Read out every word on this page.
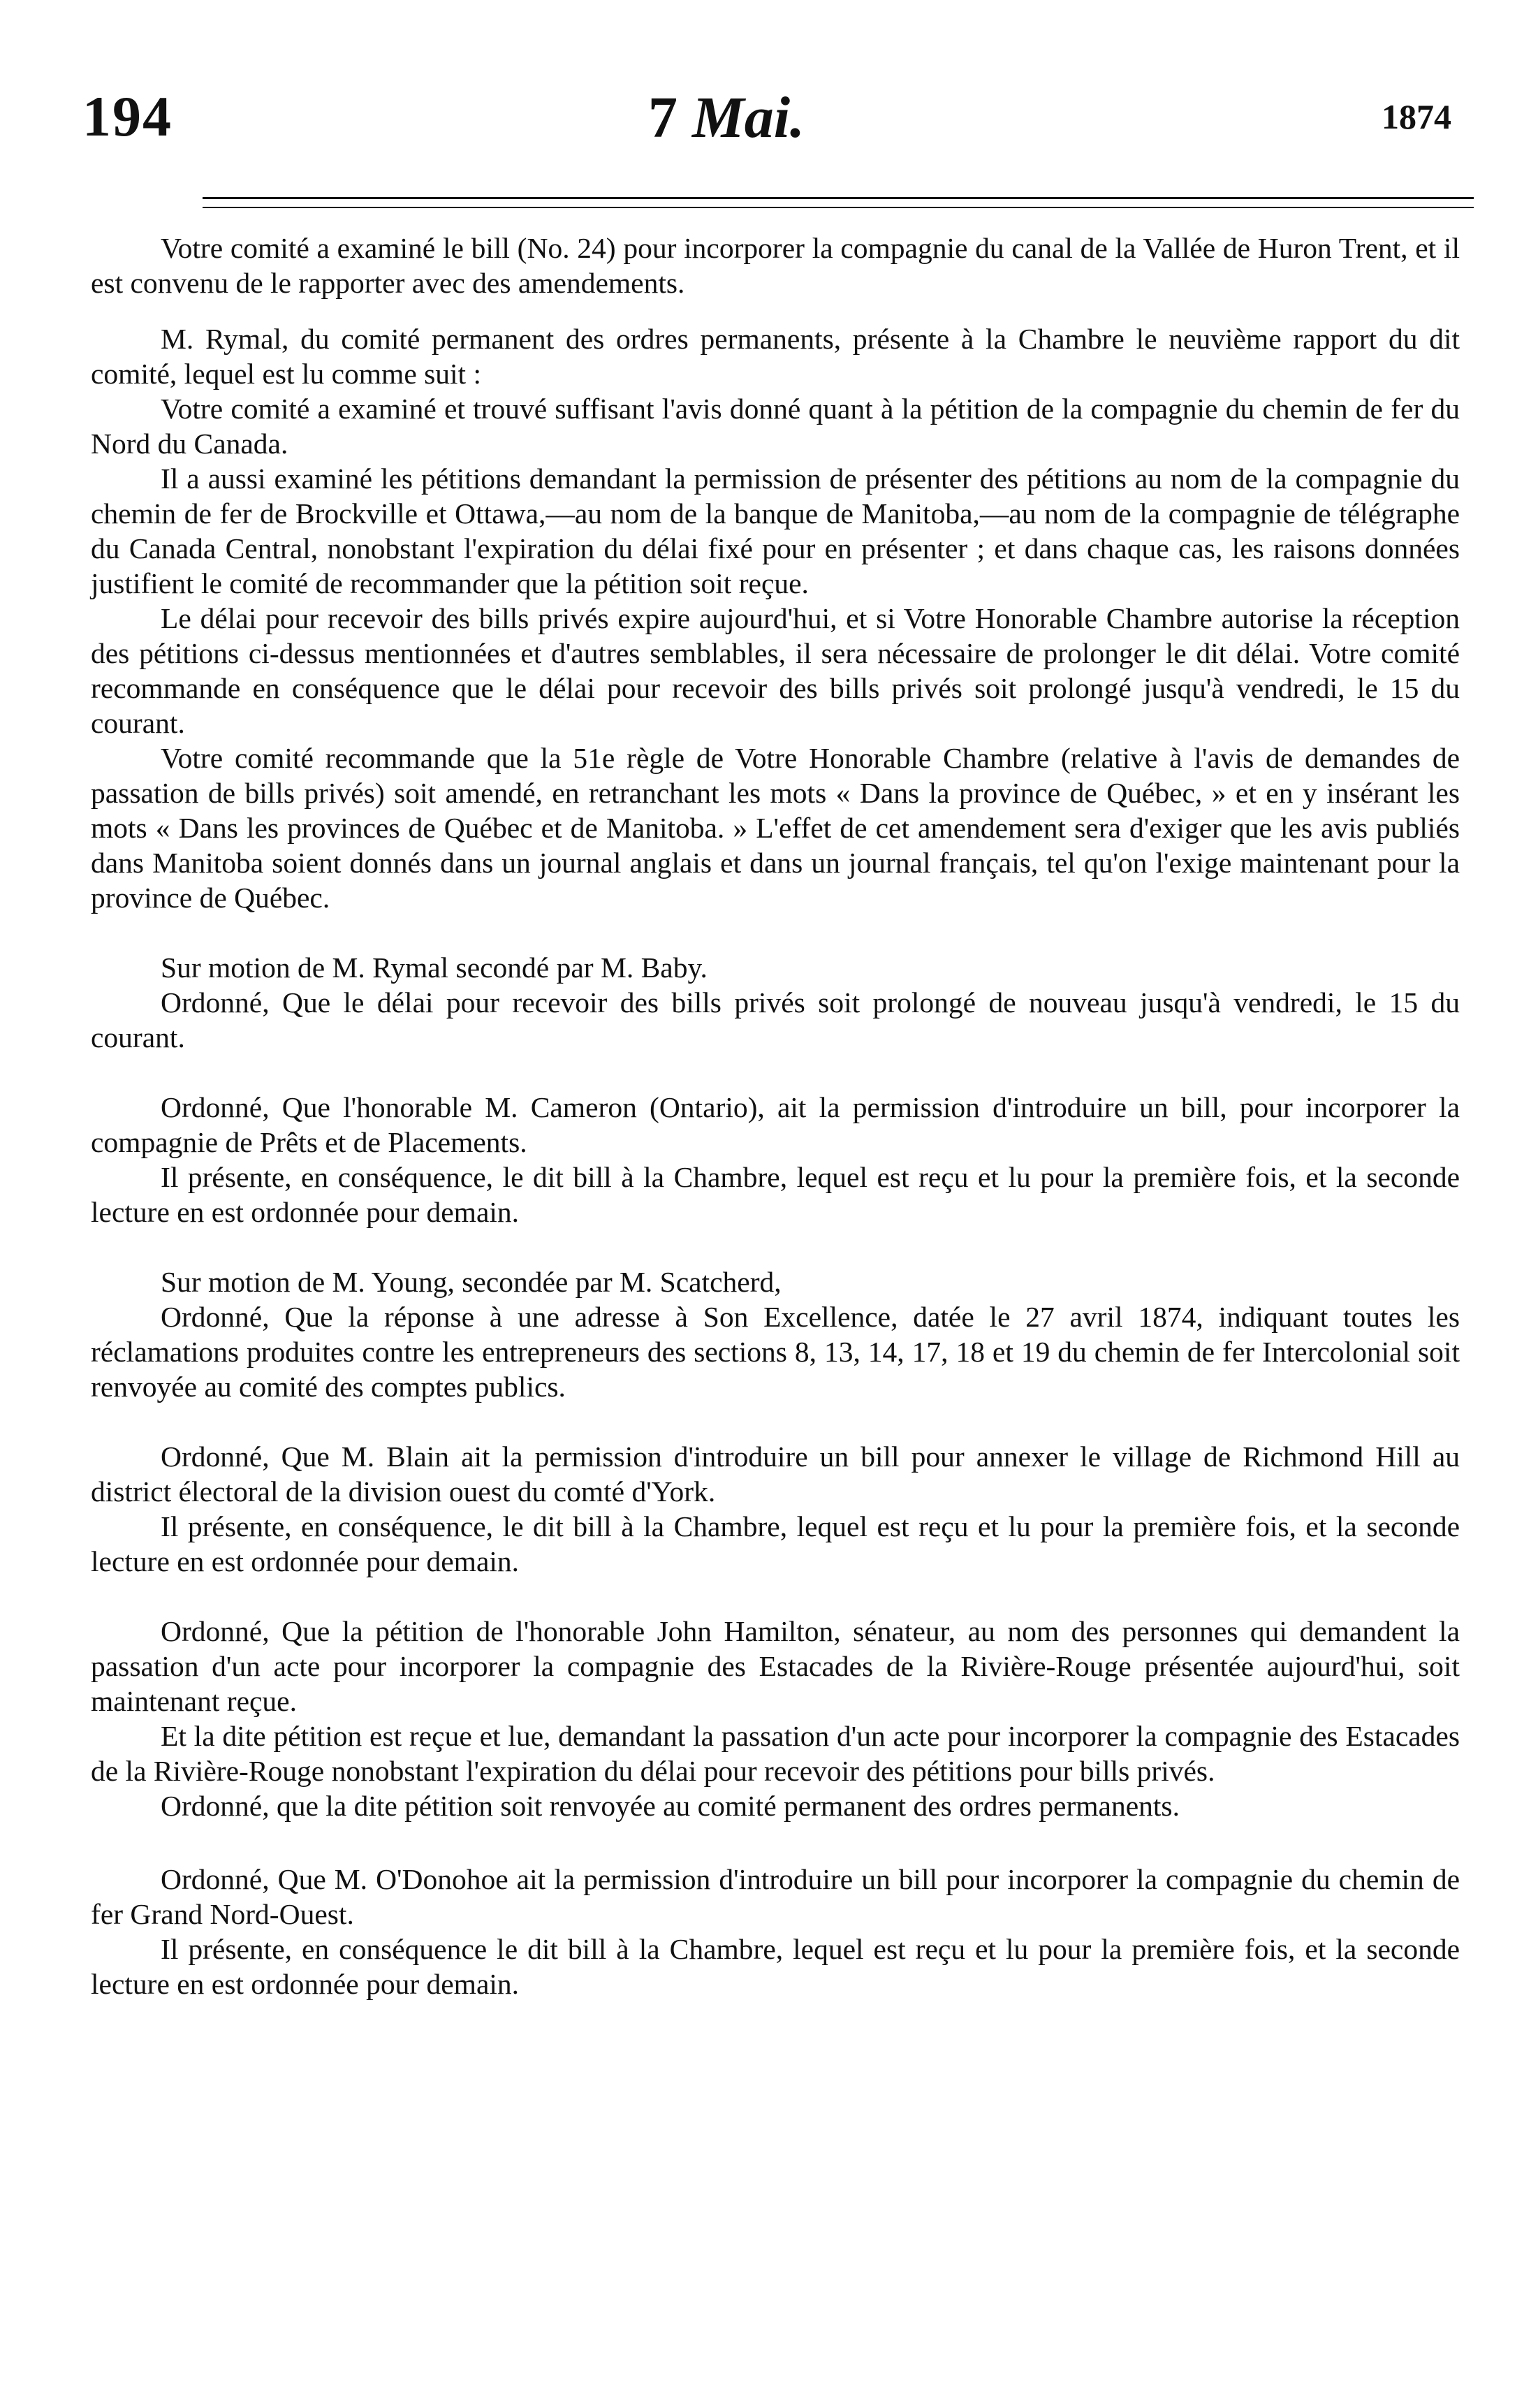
194	7 Mai.	1874

Votre comité a examiné le bill (No. 24) pour incorporer la compagnie du canal de la Vallée de Huron Trent, et il est convenu de le rapporter avec des amendements.

M. Rymal, du comité permanent des ordres permanents, présente à la Chambre le neuvième rapport du dit comité, lequel est lu comme suit :

Votre comité a examiné et trouvé suffisant l'avis donné quant à la pétition de la compagnie du chemin de fer du Nord du Canada.

Il a aussi examiné les pétitions demandant la permission de présenter des pétitions au nom de la compagnie du chemin de fer de Brockville et Ottawa,—au nom de la banque de Manitoba,—au nom de la compagnie de télégraphe du Canada Central, nonobstant l'expiration du délai fixé pour en présenter ; et dans chaque cas, les raisons données justifient le comité de recommander que la pétition soit reçue.

Le délai pour recevoir des bills privés expire aujourd'hui, et si Votre Honorable Chambre autorise la réception des pétitions ci-dessus mentionnées et d'autres semblables, il sera nécessaire de prolonger le dit délai. Votre comité recommande en conséquence que le délai pour recevoir des bills privés soit prolongé jusqu'à vendredi, le 15 du courant.

Votre comité recommande que la 51e règle de Votre Honorable Chambre (relative à l'avis de demandes de passation de bills privés) soit amendé, en retranchant les mots « Dans la province de Québec, » et en y insérant les mots « Dans les provinces de Québec et de Manitoba. » L'effet de cet amendement sera d'exiger que les avis publiés dans Manitoba soient donnés dans un journal anglais et dans un journal français, tel qu'on l'exige maintenant pour la province de Québec.

Sur motion de M. Rymal secondé par M. Baby.

Ordonné, Que le délai pour recevoir des bills privés soit prolongé de nouveau jusqu'à vendredi, le 15 du courant.

Ordonné, Que l'honorable M. Cameron (Ontario), ait la permission d'introduire un bill, pour incorporer la compagnie de Prêts et de Placements.

Il présente, en conséquence, le dit bill à la Chambre, lequel est reçu et lu pour la première fois, et la seconde lecture en est ordonnée pour demain.

Sur motion de M. Young, secondée par M. Scatcherd,

Ordonné, Que la réponse à une adresse à Son Excellence, datée le 27 avril 1874, indiquant toutes les réclamations produites contre les entrepreneurs des sections 8, 13, 14, 17, 18 et 19 du chemin de fer Intercolonial soit renvoyée au comité des comptes publics.

Ordonné, Que M. Blain ait la permission d'introduire un bill pour annexer le village de Richmond Hill au district électoral de la division ouest du comté d'York.

Il présente, en conséquence, le dit bill à la Chambre, lequel est reçu et lu pour la première fois, et la seconde lecture en est ordonnée pour demain.

Ordonné, Que la pétition de l'honorable John Hamilton, sénateur, au nom des personnes qui demandent la passation d'un acte pour incorporer la compagnie des Estacades de la Rivière-Rouge présentée aujourd'hui, soit maintenant reçue.

Et la dite pétition est reçue et lue, demandant la passation d'un acte pour incorporer la compagnie des Estacades de la Rivière-Rouge nonobstant l'expiration du délai pour recevoir des pétitions pour bills privés.

Ordonné, que la dite pétition soit renvoyée au comité permanent des ordres permanents.

Ordonné, Que M. O'Donohoe ait la permission d'introduire un bill pour incorporer la compagnie du chemin de fer Grand Nord-Ouest.

Il présente, en conséquence le dit bill à la Chambre, lequel est reçu et lu pour la première fois, et la seconde lecture en est ordonnée pour demain.
